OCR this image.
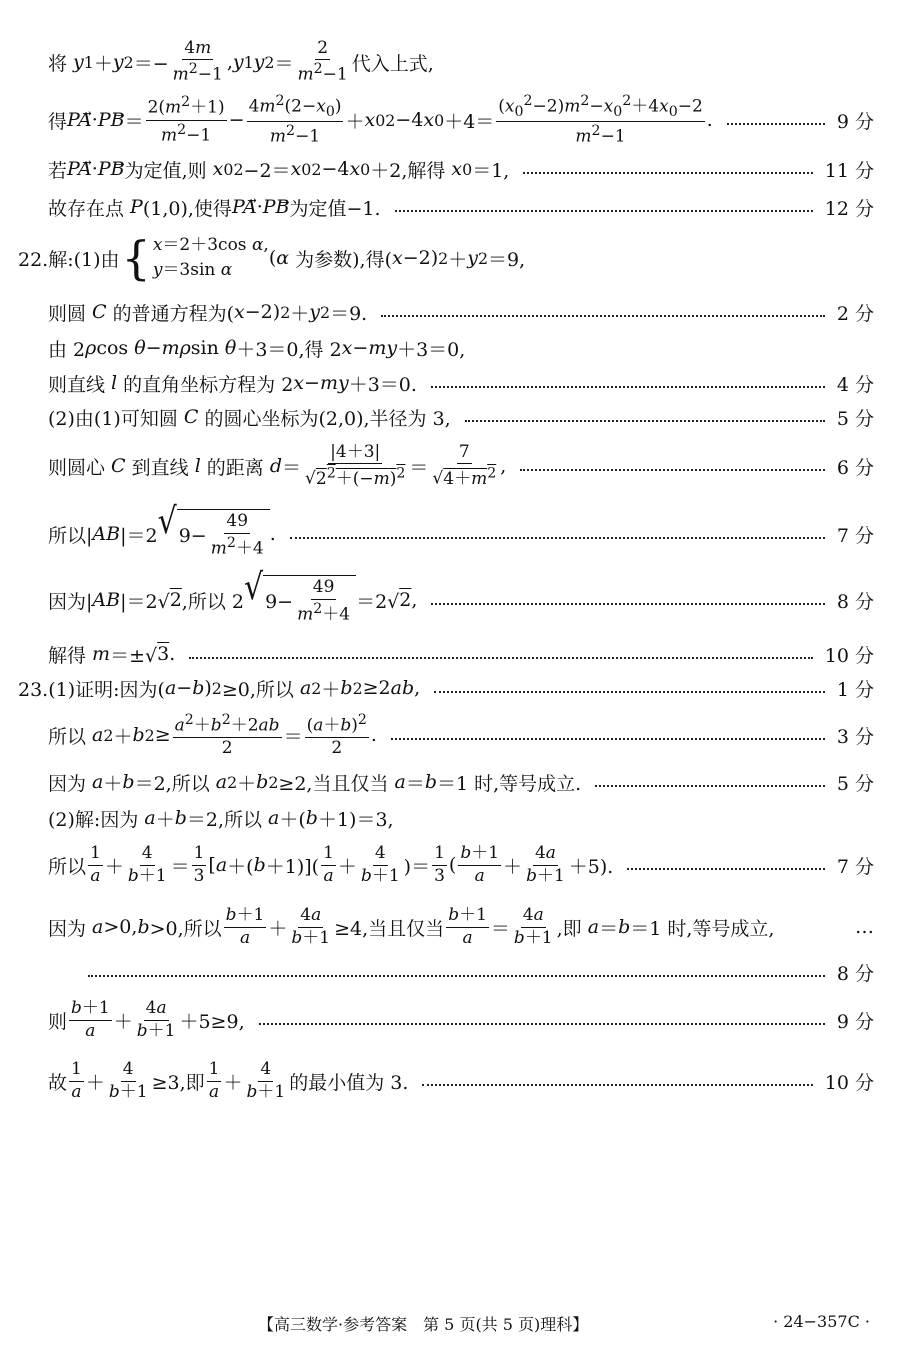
将 y 1 ＋ y $2 =- \frac{4m}{m^2-1}$ , y 1 y $2 = \frac{2}{m^2-1}$ 代入上式,
得 PA ⃗· PB ⃗＝ $\frac{2(m^2+1)}{m^2-1} - \frac{4m^2(2-x_0)}{m^2-1} + x$ 0 2 −4 x $0 +4= \frac{(x_0^2-2)m^2-x_0^2+4x_0-2}{m^2-1}$ .	9 分
若 PA ⃗· PB ⃗为定值,则 x 0 2 −2＝ x 0 2 −4 x 0 ＋2,解得 x 0 ＝1,	11 分
故存在点 P (1,0),使得 PA ⃗· PB ⃗为定值−1.	12 分
22.解:(1)由 { x＝2＋3cos α,
y＝3sin α
( α 为参数),得( x −2) 2 ＋ y 2 ＝9,
则圆 C 的普通方程为( x −2) 2 ＋ y 2 ＝9.	2 分
由 2 ρ cos θ − mρ sin θ ＋3＝0,得 2 x − my ＋3＝0,
则直线 l 的直角坐标方程为 2 x − my ＋3＝0.	4 分
(2)由(1)可知圆 C 的圆心坐标为(2,0),半径为 3,	5 分
则圆心 C 到直线 l 的距离 $d = \frac{|4+3|}{√2^2+(-m)^2} = \frac{7}{√4+m^2}$ ,	6 分
所以| AB |＝2 √ $9- \frac{49}{m^2+4}$ .	7 分
因为| AB |＝2√ 2 ,所以 2 √ $9- \frac{49}{m^2+4} =2√$ 2 ,	8 分
解得 m ＝±√ 3 .	10 分
23.(1)证明:因为( a − b ) 2 ≥0,所以 a 2 ＋ b 2 ≥2 ab ,	1 分
所以 a 2 ＋ b $2 \ge \frac{a^2+b^2+2ab}{2} = \frac{(a+b)^2}{2}$ .	3 分
因为 a ＋ b ＝2,所以 a 2 ＋ b 2 ≥2,当且仅当 a ＝ b ＝1 时,等号成立.	5 分
(2)解:因为 a ＋ b ＝2,所以 a ＋( b ＋1)＝3,
所以 $\frac{1}{a} + \frac{4}{b+1} = \frac{1}{3}$ [ a ＋( $b +1)]( \frac{1}{a} + \frac{4}{b+1}$ )＝ $\frac{1}{3}$ ( $\frac{b+1}{a} + \frac{4a}{b+1} +5$).	7 分
因为 a >0, b >0,所以 $\frac{b+1}{a} + \frac{4a}{b+1} \ge 4$,当且仅当 $\frac{b+1}{a} = \frac{4a}{b+1}$ ,即 a ＝ b ＝1 时,等号成立,	…
8 分
则 $\frac{b+1}{a} + \frac{4a}{b+1} +5\ge 9$,	9 分
故 $\frac{1}{a} + \frac{4}{b+1} \ge 3$,即 $\frac{1}{a} + \frac{4}{b+1}$ 的最小值为 3.	10 分
【高三数学·参考答案　第 5 页(共 5 页)理科】	· 24−357C ·
